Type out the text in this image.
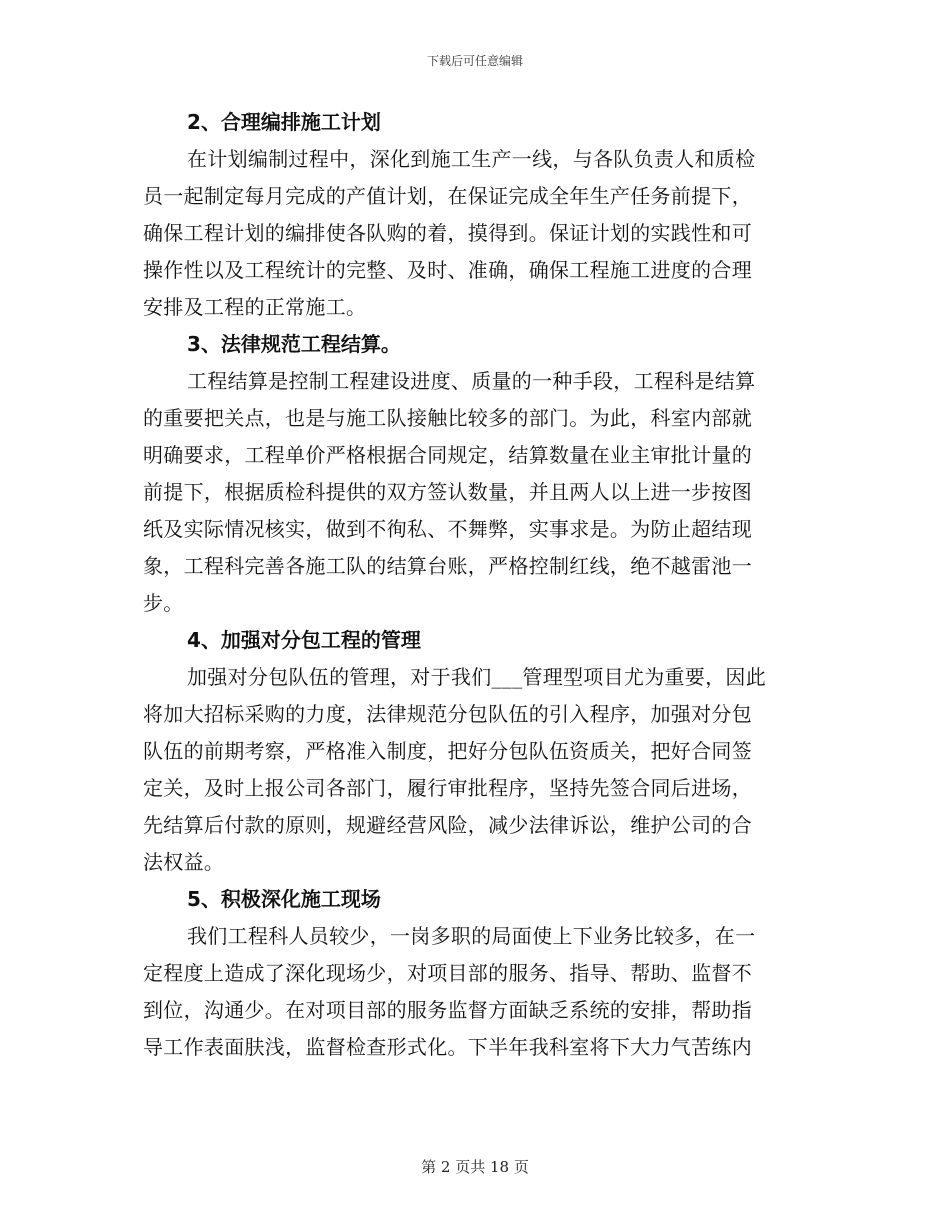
下载后可任意编辑
2、合理编排施工计划
在计划编制过程中，深化到施工生产一线，与各队负责人和质检
员一起制定每月完成的产值计划，在保证完成全年生产任务前提下，
确保工程计划的编排使各队购的着，摸得到。保证计划的实践性和可
操作性以及工程统计的完整、及时、准确，确保工程施工进度的合理
安排及工程的正常施工。
3、法律规范工程结算。
工程结算是控制工程建设进度、质量的一种手段，工程科是结算
的重要把关点，也是与施工队接触比较多的部门。为此，科室内部就
明确要求，工程单价严格根据合同规定，结算数量在业主审批计量的
前提下，根据质检科提供的双方签认数量，并且两人以上进一步按图
纸及实际情况核实，做到不徇私、不舞弊，实事求是。为防止超结现
象，工程科完善各施工队的结算台账，严格控制红线，绝不越雷池一
步。
4、加强对分包工程的管理
加强对分包队伍的管理，对于我们___管理型项目尤为重要，因此
将加大招标采购的力度，法律规范分包队伍的引入程序，加强对分包
队伍的前期考察，严格准入制度，把好分包队伍资质关，把好合同签
定关，及时上报公司各部门，履行审批程序，坚持先签合同后进场，
先结算后付款的原则，规避经营风险，减少法律诉讼，维护公司的合
法权益。
5、积极深化施工现场
我们工程科人员较少，一岗多职的局面使上下业务比较多，在一
定程度上造成了深化现场少，对项目部的服务、指导、帮助、监督不
到位，沟通少。在对项目部的服务监督方面缺乏系统的安排，帮助指
导工作表面肤浅，监督检查形式化。下半年我科室将下大力气苦练内
第 2 页共 18 页
